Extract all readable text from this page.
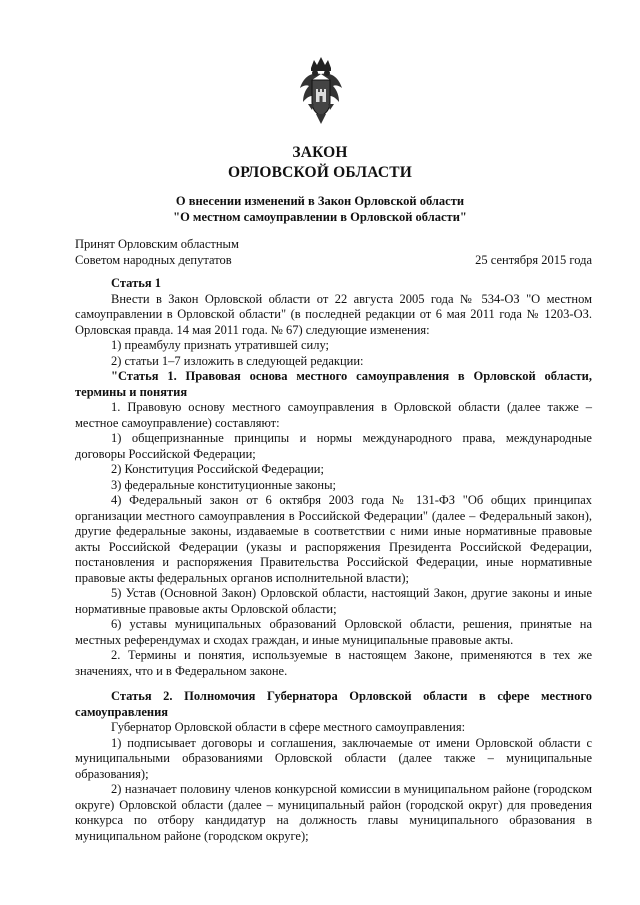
ЗАКОН
ОРЛОВСКОЙ ОБЛАСТИ
О внесении изменений в Закон Орловской области
"О местном самоуправлении в Орловской области"
Принят Орловским областным
Советом народных депутатов	25 сентября 2015 года

Статья 1

Внести в Закон Орловской области от 22 августа 2005 года № 534-ОЗ "О местном самоуправлении в Орловской области" (в последней редакции от 6 мая 2011 года № 1203-ОЗ. Орловская правда. 14 мая 2011 года. № 67) следующие изменения:

1) преамбулу признать утратившей силу;

2) статьи 1–7 изложить в следующей редакции:

"Статья 1. Правовая основа местного самоуправления в Орловской области, термины и понятия

1. Правовую основу местного самоуправления в Орловской области (далее также – местное самоуправление) составляют:

1) общепризнанные принципы и нормы международного права, международные договоры Российской Федерации;

2) Конституция Российской Федерации;

3) федеральные конституционные законы;

4) Федеральный закон от 6 октября 2003 года № 131-ФЗ "Об общих принципах организации местного самоуправления в Российской Федерации" (далее – Федеральный закон), другие федеральные законы, издаваемые в соответствии с ними иные нормативные правовые акты Российской Федерации (указы и распоряжения Президента Российской Федерации, постановления и распоряжения Правительства Российской Федерации, иные нормативные правовые акты федеральных органов исполнительной власти);

5) Устав (Основной Закон) Орловской области, настоящий Закон, другие законы и иные нормативные правовые акты Орловской области;

6) уставы муниципальных образований Орловской области, решения, принятые на местных референдумах и сходах граждан, и иные муниципальные правовые акты.

2. Термины и понятия, используемые в настоящем Законе, применяются в тех же значениях, что и в Федеральном законе.

Статья 2. Полномочия Губернатора Орловской области в сфере местного самоуправления

Губернатор Орловской области в сфере местного самоуправления:

1) подписывает договоры и соглашения, заключаемые от имени Орловской области с муниципальными образованиями Орловской области (далее также – муниципальные образования);

2) назначает половину членов конкурсной комиссии в муниципальном районе (городском округе) Орловской области (далее – муниципальный район (городской округ) для проведения конкурса по отбору кандидатур на должность главы муниципального образования в муниципальном районе (городском округе);
